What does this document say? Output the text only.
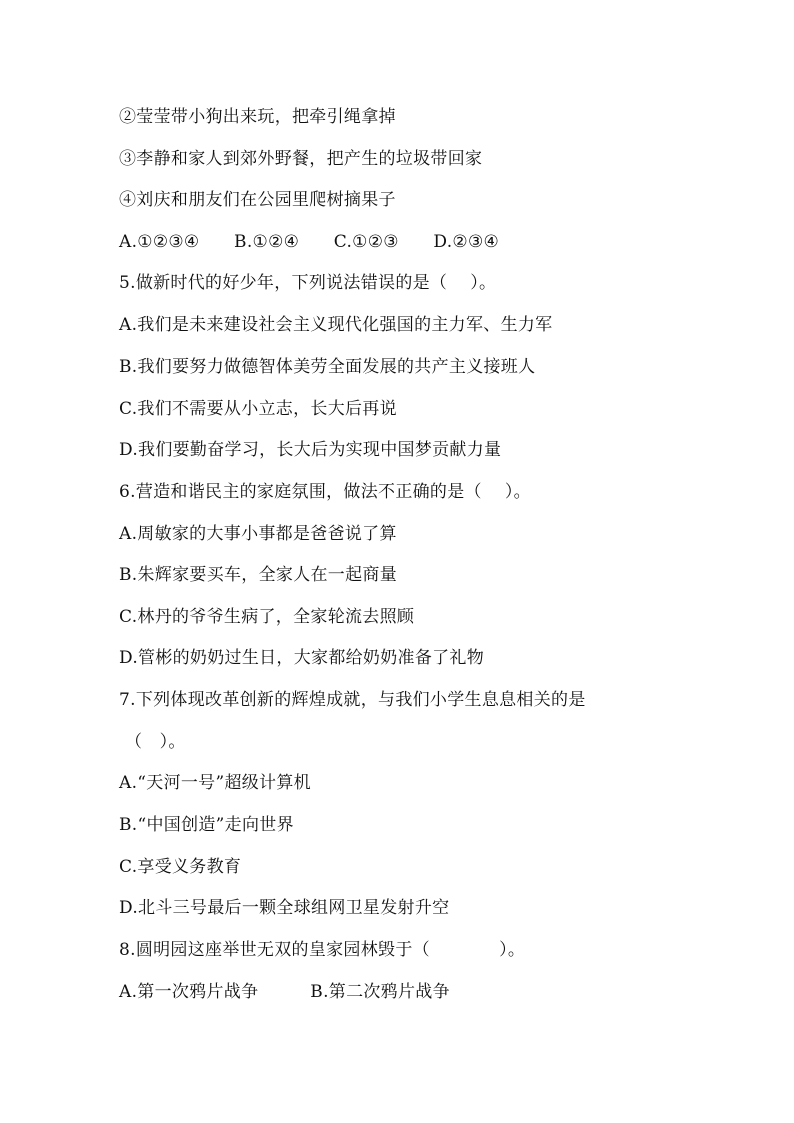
②莹莹带小狗出来玩，把牵引绳拿掉
③李静和家人到郊外野餐，把产生的垃圾带回家
④刘庆和朋友们在公园里爬树摘果子
A.①②③④　　B.①②④　　C.①②③　　D.②③④
5.做新时代的好少年，下列说法错误的是（　 ）。
A.我们是未来建设社会主义现代化强国的主力军、生力军
B.我们要努力做德智体美劳全面发展的共产主义接班人
C.我们不需要从小立志，长大后再说
D.我们要勤奋学习，长大后为实现中国梦贡献力量
6.营造和谐民主的家庭氛围，做法不正确的是（　 ）。
A.周敏家的大事小事都是爸爸说了算
B.朱辉家要买车，全家人在一起商量
C.林丹的爷爷生病了，全家轮流去照顾
D.管彬的奶奶过生日，大家都给奶奶准备了礼物
7.下列体现改革创新的辉煌成就，与我们小学生息息相关的是
（　）。
A.“天河一号”超级计算机
B.“中国创造”走向世界
C.享受义务教育
D.北斗三号最后一颗全球组网卫星发射升空
8.圆明园这座举世无双的皇家园林毁于（　　　　）。
A.第一次鸦片战争　　　B.第二次鸦片战争
